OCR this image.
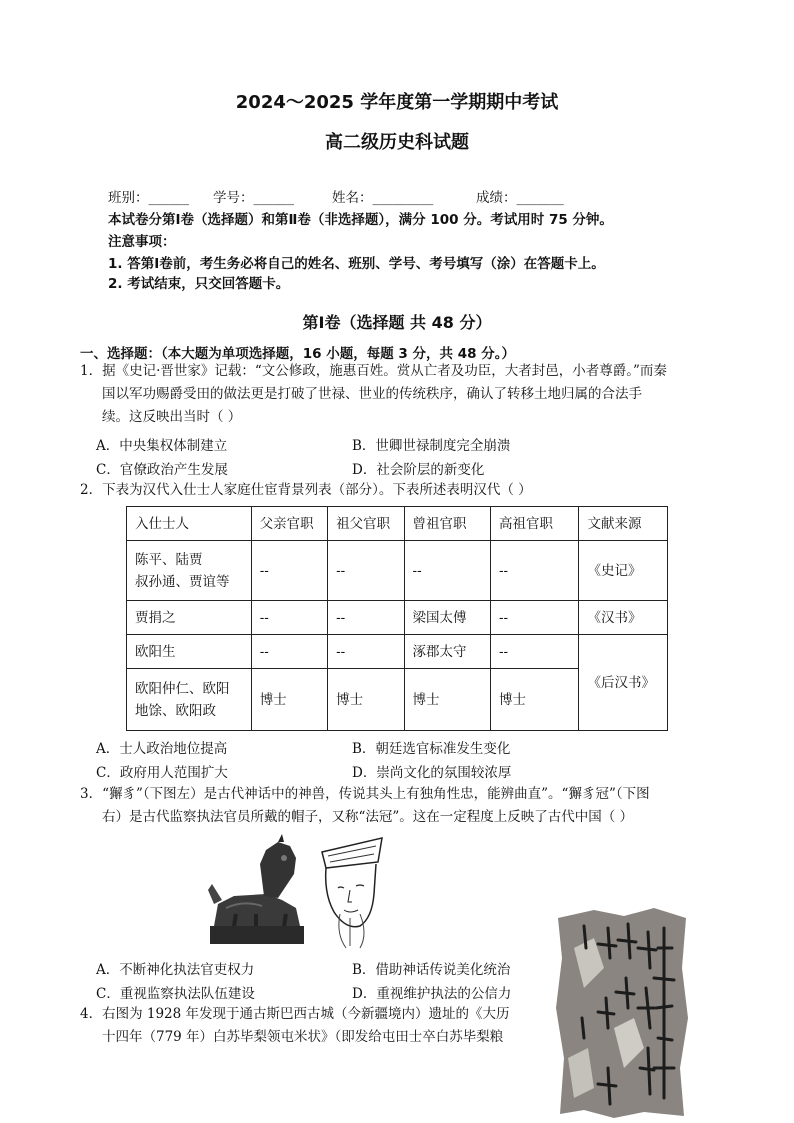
2024～2025 学年度第一学期期中考试
高二级历史科试题
班别：______ 学号：______	姓名：_________	成绩：_______
本试卷分第Ⅰ卷（选择题）和第Ⅱ卷（非选择题），满分 100 分。考试用时 75 分钟。
注意事项：
1. 答第Ⅰ卷前，考生务必将自己的姓名、班别、学号、考号填写（涂）在答题卡上。
2. 考试结束，只交回答题卡。
第Ⅰ卷（选择题 共 48 分）
一、选择题：（本大题为单项选择题，16 小题，每题 3 分，共 48 分。）
1．据《史记·晋世家》记载：“文公修政，施惠百姓。赏从亡者及功臣，大者封邑，小者尊爵。”而秦
国以军功赐爵受田的做法更是打破了世禄、世业的传统秩序，确认了转移土地归属的合法手
续。这反映出当时（ ）
A．中央集权体制建立	B．世卿世禄制度完全崩溃
C．官僚政治产生发展	D．社会阶层的新变化
2．下表为汉代入仕士人家庭仕宦背景列表（部分）。下表所述表明汉代（ ）
入仕士人	父亲官职	祖父官职	曾祖官职	高祖官职	文献来源

陈平、陆贾
叔孙通、贾谊等	--	--	--	--	《史记》
贾捐之	--	--	梁国太傅	--	《汉书》
欧阳生	--	--	涿郡太守	--	《后汉书》

欧阳仲仁、欧阳
地馀、欧阳政	博士	博士	博士	博士	
A．士人政治地位提高	B．朝廷选官标准发生变化
C．政府用人范围扩大	D．崇尚文化的氛围较浓厚
3．“獬豸”（下图左）是古代神话中的神兽，传说其头上有独角性忠，能辨曲直”。“獬豸冠”（下图
右）是古代监察执法官员所戴的帽子，又称“法冠”。这在一定程度上反映了古代中国（ ）
A．不断神化执法官吏权力	B．借助神话传说美化统治
C．重视监察执法队伍建设	D．重视维护执法的公信力
4．右图为 1928 年发现于通古斯巴西古城（今新疆境内）遗址的《大历
十四年（779 年）白苏毕梨领屯米状》（即发给屯田士卒白苏毕梨粮
